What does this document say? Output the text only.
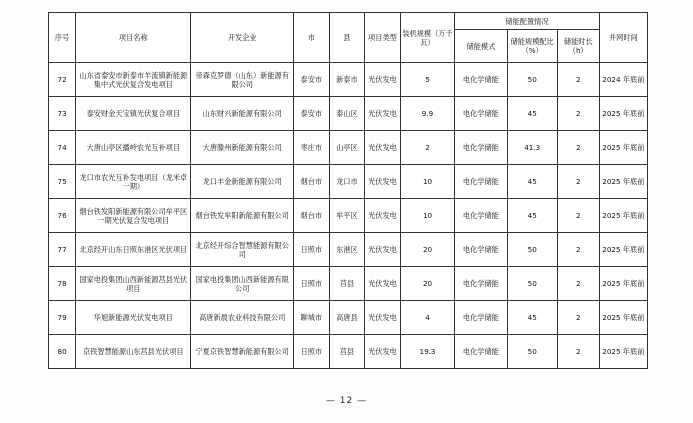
序号	项目名称	开发企业	市	县	项目类型	装机规模（万千瓦）	储能配置情况			并网时间
							储能模式	储能规模配比（%）	储能时长（h）	
72	山东省泰安市新泰市羊流镇新能源集中式光伏复合发电项目	帝森克罗德（山东）新能源有限公司	泰安市	新泰市	光伏发电	5	电化学储能	50	2	2024 年底前
73	泰安财金天宝镇光伏复合项目	山东财兴新能源有限公司	泰安市	泰山区	光伏发电	9.9	电化学储能	45	2	2025 年底前
74	大唐山亭区播岭农光互补项目	大唐滕州新能源有限公司	枣庄市	山亭区	光伏发电	2	电化学储能	41.3	2	2025 年底前
75	龙口市农光互补发电项目（龙米卓一期）	龙口丰金新能源有限公司	烟台市	龙口市	光伏发电	10	电化学储能	45	2	2025 年底前
76	烟台铁发阳新能源有限公司牟平区一期光伏复合发电项目	烟台铁发牟阳新能源有限公司	烟台市	牟平区	光伏发电	10	电化学储能	45	2	2025 年底前
77	北京经开山东日照东港区光伏项目	北京经开综合智慧能源有限公司	日照市	东港区	光伏发电	20	电化学储能	50	2	2025 年底前
78	国家电投集团山西新能源莒县光伏项目	国家电投集团山西新能源有限公司	日照市	莒县	光伏发电	20	电化学储能	50	2	2025 年底前
79	华旭新能源光伏发电项目	高唐新晨农业科技有限公司	聊城市	高唐县	光伏发电	4	电化学储能	45	2	2025 年底前
80	京铁智慧能源山东莒县光伏项目	宁夏京铁智慧新能源有限公司	日照市	莒县	光伏发电	19.3	电化学储能	50	2	2025 年底前
— 12 —
